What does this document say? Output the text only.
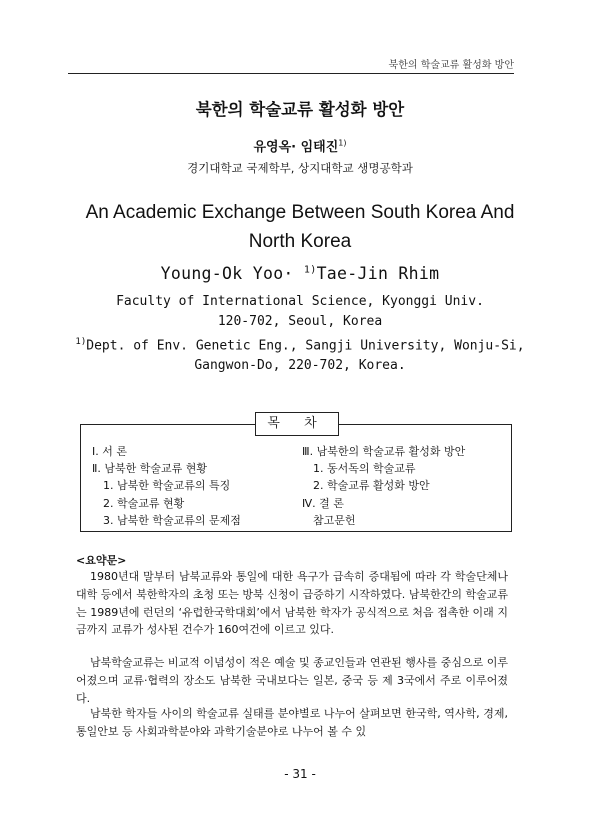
북한의 학술교류 활성화 방안
북한의 학술교류 활성화 방안
유영옥· 임태진$^{1)}$
경기대학교 국제학부, 상지대학교 생명공학과
An Academic Exchange Between South Korea And North Korea
Young-Ok Yoo· $^{1)}$Tae-Jin Rhim
Faculty of International Science, Kyonggi Univ.
120-702, Seoul, Korea
$^{1)}$Dept. of Env. Genetic Eng., Sangji University, Wonju-Si,
Gangwon-Do, 220-702, Korea.
목 차
Ⅰ. 서 론
Ⅱ. 남북한 학술교류 현황
1. 남북한 학술교류의 특징
2. 학술교류 현황
3. 남북한 학술교류의 문제점
Ⅲ. 남북한의 학술교류 활성화 방안
1. 동서독의 학술교류
2. 학술교류 활성화 방안
Ⅳ. 결 론
참고문헌
<요약문>
1980년대 말부터 남북교류와 통일에 대한 욕구가 급속히 증대됨에 따라 각 학술단체나 대학 등에서 북한학자의 초청 또는 방북 신청이 급증하기 시작하였다. 남북한간의 학술교류는 1989년에 런던의 ‘유럽한국학대회’에서 남북한 학자가 공식적으로 처음 접촉한 이래 지금까지 교류가 성사된 건수가 160여건에 이르고 있다.
남북학술교류는 비교적 이념성이 적은 예술 및 종교인들과 연관된 행사를 중심으로 이루어졌으며 교류·협력의 장소도 남북한 국내보다는 일본, 중국 등 제 3국에서 주로 이루어졌다.
남북한 학자들 사이의 학술교류 실태를 분야별로 나누어 살펴보면 한국학, 역사학, 경제, 통일안보 등 사회과학분야와 과학기술분야로 나누어 볼 수 있
- 31 -
